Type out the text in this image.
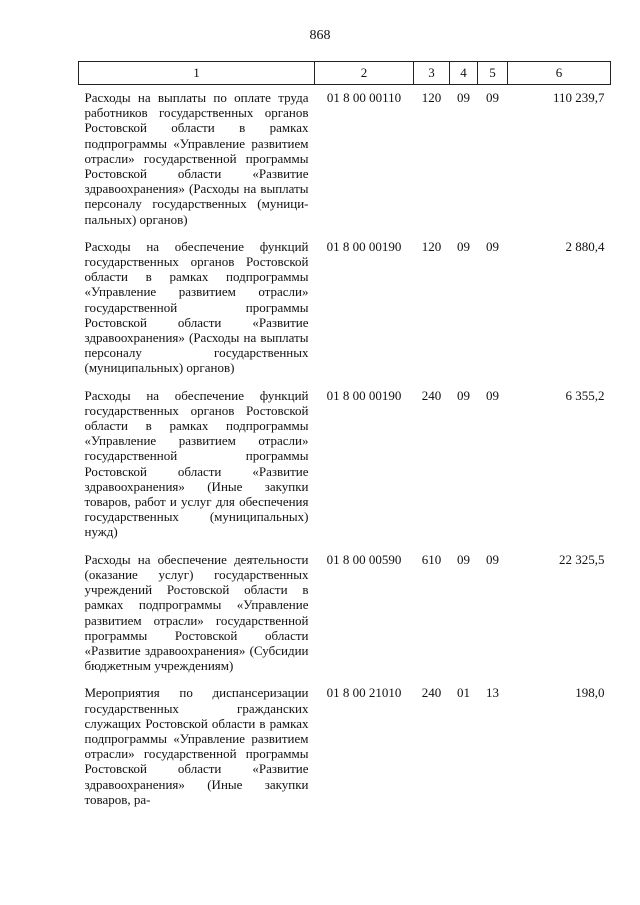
868
1	2	3	4	5	6
Расходы на выплаты по оплате труда работников государственных органов Ростовской области в рамках подпрограммы «Управление развитием отрасли» государственной программы Ростовской области «Развитие здравоохранения» (Расходы на выплаты персоналу государственных (муниципальных) органов)	01 8 00 00110	120	09	09	110 239,7
Расходы на обеспечение функций государственных органов Ростовской области в рамках подпрограммы «Управление развитием отрасли» государственной программы Ростовской области «Развитие здравоохранения» (Расходы на выплаты персоналу государственных (муниципальных) органов)	01 8 00 00190	120	09	09	2 880,4
Расходы на обеспечение функций государственных органов Ростовской области в рамках подпрограммы «Управление развитием отрасли» государственной программы Ростовской области «Развитие здравоохранения» (Иные закупки товаров, работ и услуг для обеспечения государственных (муниципальных) нужд)	01 8 00 00190	240	09	09	6 355,2
Расходы на обеспечение деятельности (оказание услуг) государственных учреждений Ростовской области в рамках подпрограммы «Управление развитием отрасли» государственной программы Ростовской области «Развитие здравоохранения» (Субсидии бюджетным учреждениям)	01 8 00 00590	610	09	09	22 325,5
Мероприятия по диспансеризации государственных гражданских служащих Ростовской области в рамках подпрограммы «Управление развитием отрасли» государственной программы Ростовской области «Развитие здравоохранения» (Иные закупки товаров, ра-	01 8 00 21010	240	01	13	198,0
